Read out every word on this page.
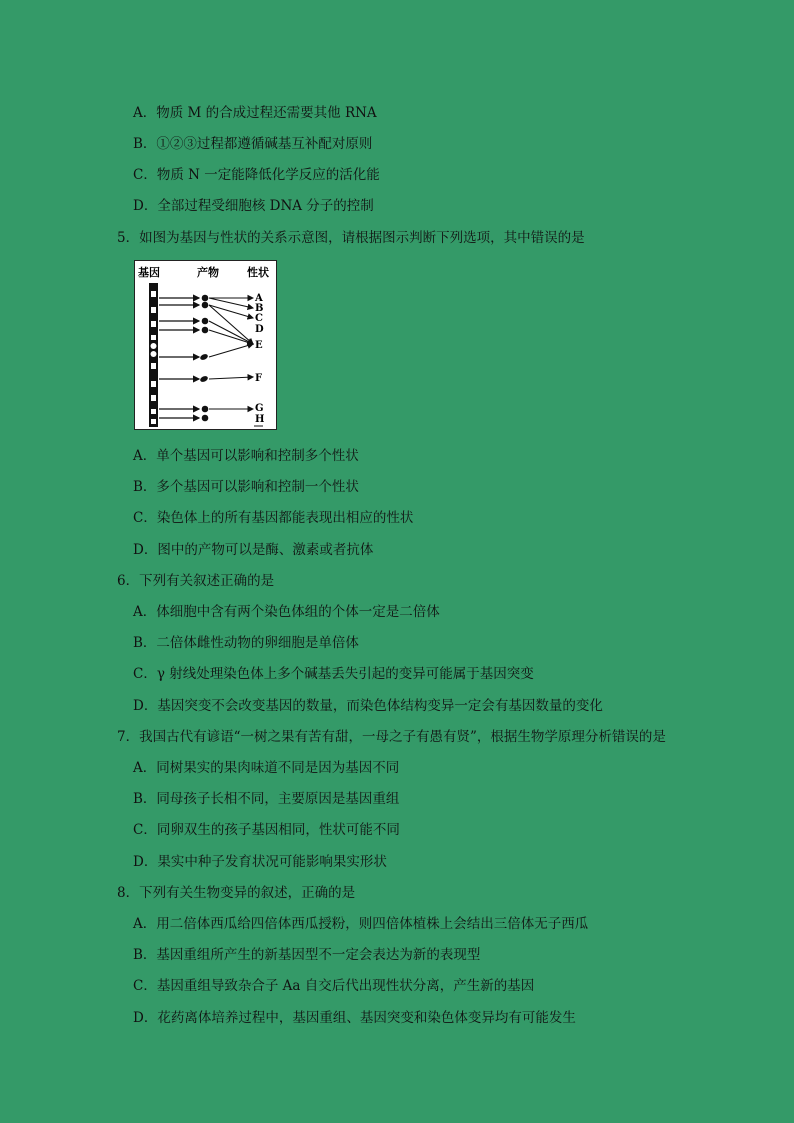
A．物质 M 的合成过程还需要其他 RNA
B．①②③过程都遵循碱基互补配对原则
C．物质 N 一定能降低化学反应的活化能
D．全部过程受细胞核 DNA 分子的控制
5．如图为基因与性状的关系示意图，请根据图示判断下列选项，其中错误的是
基因	产物	性状
A
B
C
D
E
F
G
H
A．单个基因可以影响和控制多个性状
B．多个基因可以影响和控制一个性状
C．染色体上的所有基因都能表现出相应的性状
D．图中的产物可以是酶、激素或者抗体
6．下列有关叙述正确的是
A．体细胞中含有两个染色体组的个体一定是二倍体
B．二倍体雌性动物的卵细胞是单倍体
C．γ 射线处理染色体上多个碱基丢失引起的变异可能属于基因突变
D．基因突变不会改变基因的数量，而染色体结构变异一定会有基因数量的变化
7．我国古代有谚语“一树之果有苦有甜，一母之子有愚有贤”，根据生物学原理分析错误的是
A．同树果实的果肉味道不同是因为基因不同
B．同母孩子长相不同，主要原因是基因重组
C．同卵双生的孩子基因相同，性状可能不同
D．果实中种子发育状况可能影响果实形状
8．下列有关生物变异的叙述，正确的是
A．用二倍体西瓜给四倍体西瓜授粉，则四倍体植株上会结出三倍体无子西瓜
B．基因重组所产生的新基因型不一定会表达为新的表现型
C．基因重组导致杂合子 Aa 自交后代出现性状分离，产生新的基因
D．花药离体培养过程中，基因重组、基因突变和染色体变异均有可能发生
